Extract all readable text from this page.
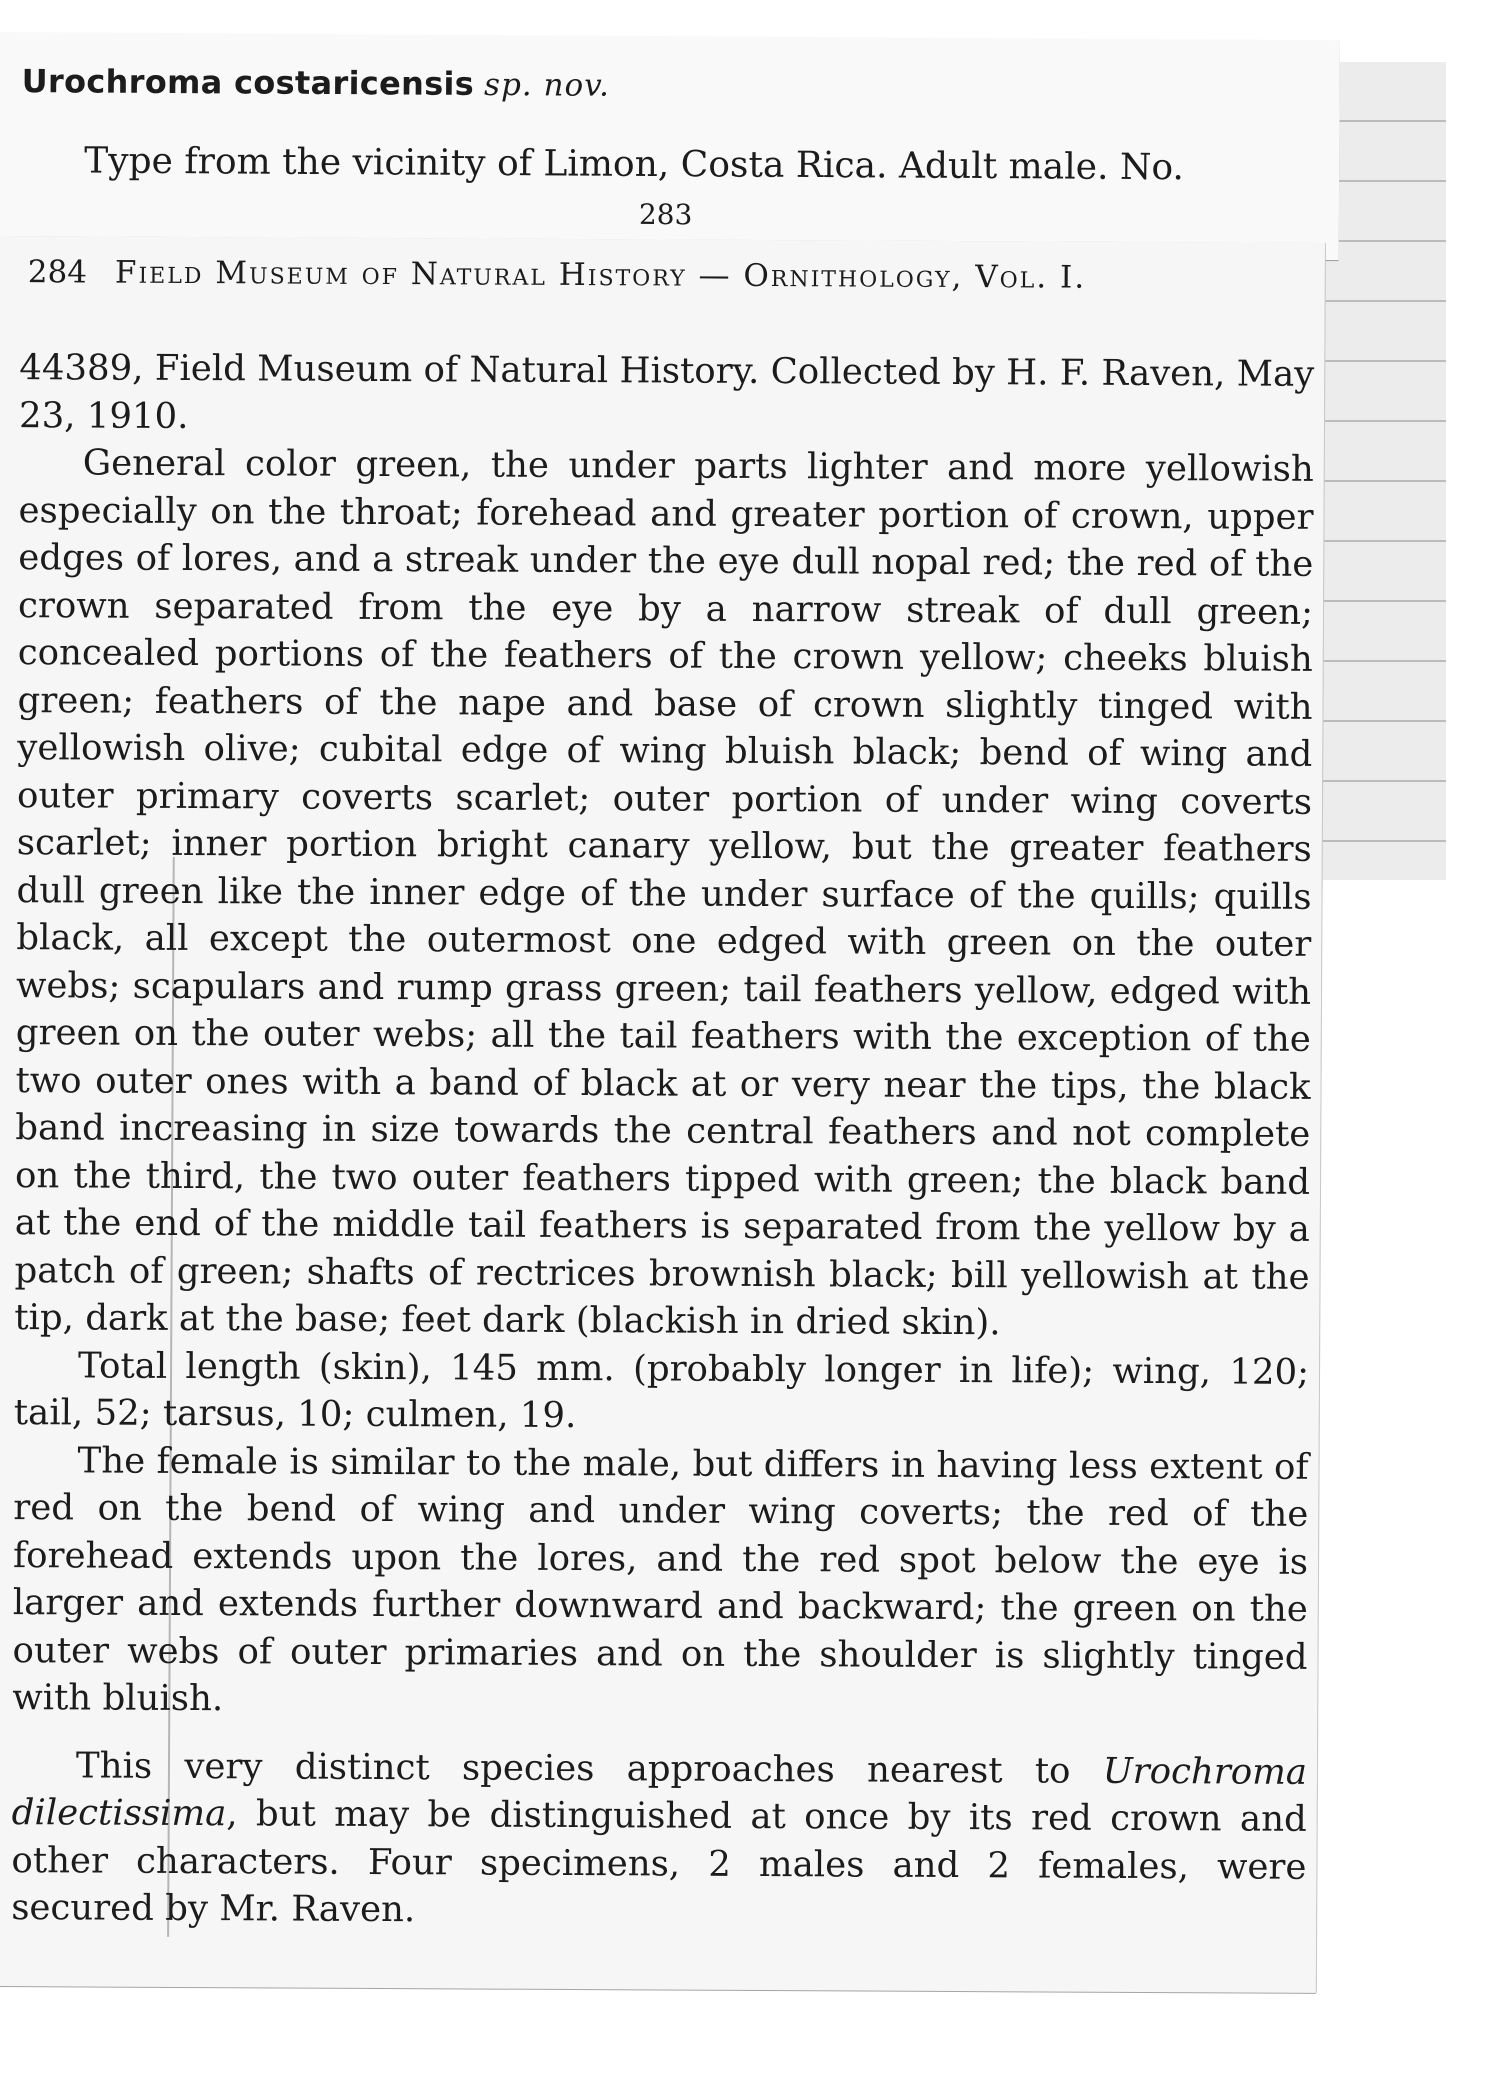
Urochroma costaricensis sp. nov.
Type from the vicinity of Limon, Costa Rica. Adult male. No.
283
284 Field Museum of Natural History — Ornithology, Vol. I.

44389, Field Museum of Natural History. Collected by H. F. Raven, May 23, 1910.

General color green, the under parts lighter and more yellowish especially on the throat; forehead and greater portion of crown, upper edges of lores, and a streak under the eye dull nopal red; the red of the crown separated from the eye by a narrow streak of dull green; concealed portions of the feathers of the crown yellow; cheeks bluish green; feathers of the nape and base of crown slightly tinged with yellowish olive; cubital edge of wing bluish black; bend of wing and outer primary coverts scarlet; outer portion of under wing coverts scarlet; inner portion bright canary yellow, but the greater feathers dull green like the inner edge of the under surface of the quills; quills black, all except the outermost one edged with green on the outer webs; scapulars and rump grass green; tail feathers yellow, edged with green on the outer webs; all the tail feathers with the exception of the two outer ones with a band of black at or very near the tips, the black band increasing in size towards the central feathers and not complete on the third, the two outer feathers tipped with green; the black band at the end of the middle tail feathers is separated from the yellow by a patch of green; shafts of rectrices brownish black; bill yellowish at the tip, dark at the base; feet dark (blackish in dried skin).

Total length (skin), 145 mm. (probably longer in life); wing, 120; tail, 52; tarsus, 10; culmen, 19.

The female is similar to the male, but differs in having less extent of red on the bend of wing and under wing coverts; the red of the forehead extends upon the lores, and the red spot below the eye is larger and extends further downward and backward; the green on the outer webs of outer primaries and on the shoulder is slightly tinged with bluish.

This very distinct species approaches nearest to Urochroma dilectissima, but may be distinguished at once by its red crown and other characters. Four specimens, 2 males and 2 females, were secured by Mr. Raven.
